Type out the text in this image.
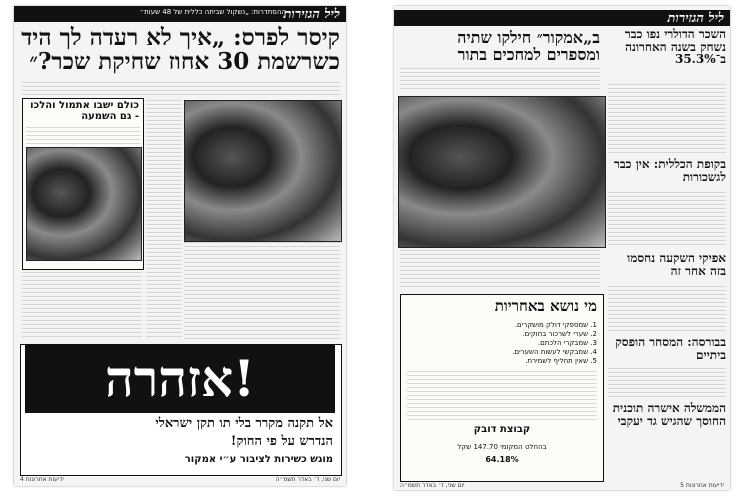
ליל הגזירות
ההסתדרות: „נשקול שביתה כללית של 48 שעות״
קיסר לפרס: „איך לא רעדה לך היד כשרשמת 30 אחוז שחיקת שכר?״
כולם ישבו אתמול והלכו - גם השמעה
אזהרה!
אל תקנה מקרר בלי תו תקן ישראלי
הנדרש על פי החוק!
מוגש כשירות לציבור ע״י אמקור
4 ידיעות אחרונות	יום שני, ד׳ באדר תשמ״ה
ליל הגזירות
ב„אמקור״ חילקו שתיה ומספרים למחכים בתור
מי נושא באחריות
1. שמספקי דולק מושקרים.
2. שערי לשרכור בחוקים.
3. שמבקרי הלכתם.
4. שמבקשי לעשות השערים.
5. שאין תחליף לשמירת.
קבוצת דובק
בהחלט המקומי 147.70 שקל
64.18%
השכר הדולרי נפו כבר נשחק בשנה האחרונה ב־35.3%
בקופת הכללית: אין כבר לגשכורות
אפיקי השקעה נחסמו בזה אחר זה
בבורסה: המסחר הופסק ביתיים
הממשלה אישרה תוכנית החוסך שהגיש גד יעקבי
יום שני, ד׳ באדר תשמ״ה	ידיעות אחרונות 5
